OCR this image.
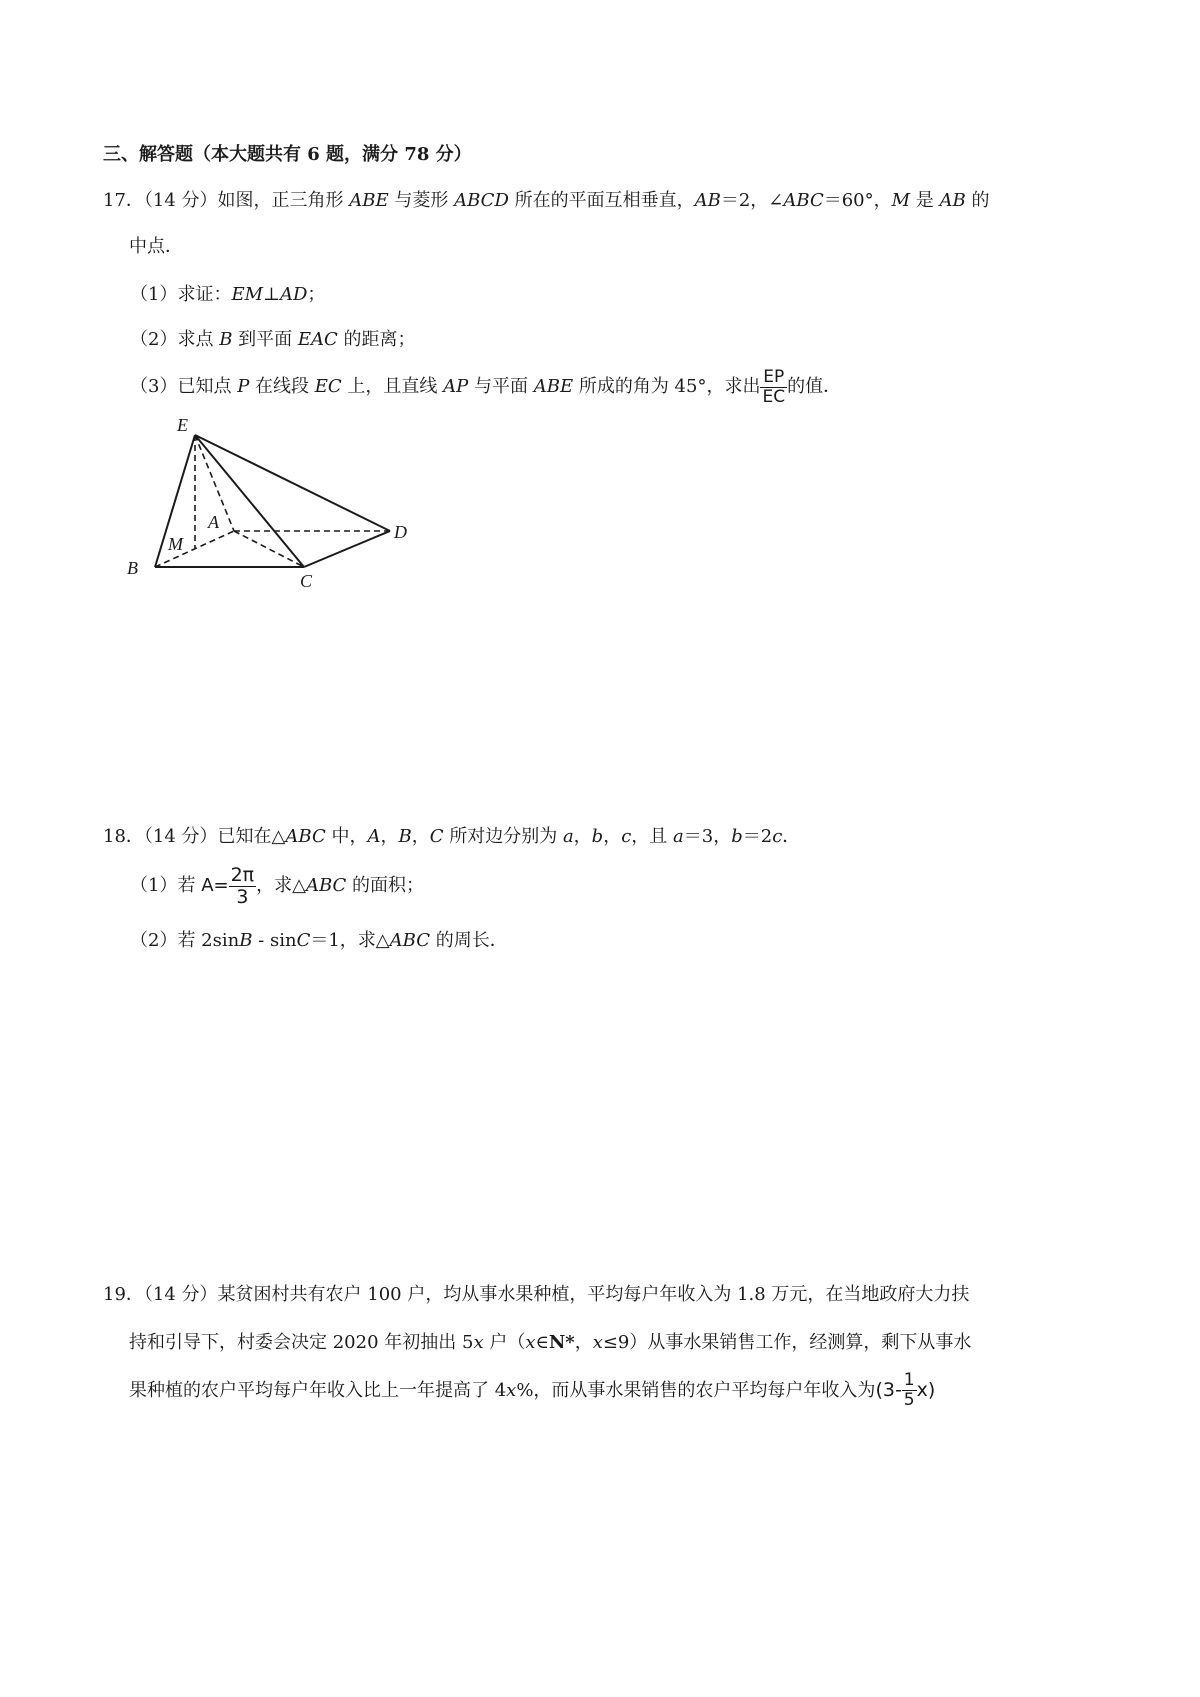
三、解答题（本大题共有 6 题，满分 78 分）
17．（14 分）如图，正三角形 ABE 与菱形 ABCD 所在的平面互相垂直，AB＝2，∠ABC＝60°，M 是 AB 的
中点．
（1）求证：EM⊥AD；
（2）求点 B 到平面 EAC 的距离；
（3）已知点 P 在线段 EC 上，且直线 AP 与平面 ABE 所成的角为 45°，求出 $\frac{EP}{EC}$ 的值．
E
A
M
B
C
D
18．（14 分）已知在△ABC 中，A，B，C 所对边分别为 a，b，c，且 a＝3，b＝2c．
（1）若 $A= \frac{2\pi}{3}$ ，求△ABC 的面积；
（2）若 2sinB - sinC＝1，求△ABC 的周长．
19．（14 分）某贫困村共有农户 100 户，均从事水果种植，平均每户年收入为 1.8 万元，在当地政府大力扶
持和引导下，村委会决定 2020 年初抽出 5x 户（x∈N*，x≤9）从事水果销售工作，经测算，剩下从事水
果种植的农户平均每户年收入比上一年提高了 4x%，而从事水果销售的农户平均每户年收入为$(3- \frac{1}{5} x)$
